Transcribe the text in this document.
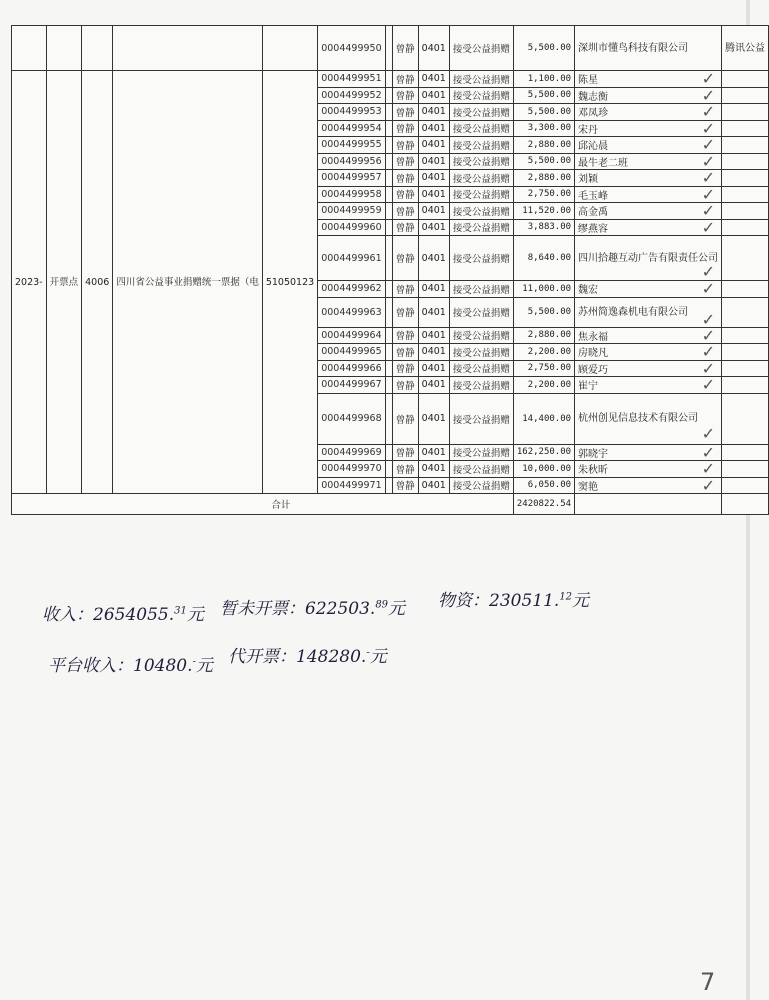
					0004499950		曾静	0401	接受公益捐赠	5,500.00	深圳市懂鸟科技有限公司	腾讯公益
2023-	开票点	4006	四川省公益事业捐赠统一票据（电	51050123	0004499951		曾静	0401	接受公益捐赠	1,100.00	陈星 ✓	

					0004499952		曾静	0401	接受公益捐赠	5,500.00	魏志衡 ✓	

					0004499953		曾静	0401	接受公益捐赠	5,500.00	邓凤珍 ✓	

					0004499954		曾静	0401	接受公益捐赠	3,300.00	宋丹 ✓	

					0004499955		曾静	0401	接受公益捐赠	2,880.00	邱沁晨 ✓	

					0004499956		曾静	0401	接受公益捐赠	5,500.00	最牛老二班 ✓	

					0004499957		曾静	0401	接受公益捐赠	2,880.00	刘颖 ✓	

					0004499958		曾静	0401	接受公益捐赠	2,750.00	毛玉峰 ✓	

					0004499959		曾静	0401	接受公益捐赠	11,520.00	高金禹 ✓	

					0004499960		曾静	0401	接受公益捐赠	3,883.00	缪燕容 ✓	

					0004499961		曾静	0401	接受公益捐赠	8,640.00	四川拾趣互动广告有限责任公司
✓	

					0004499962		曾静	0401	接受公益捐赠	11,000.00	魏宏 ✓	

					0004499963		曾静	0401	接受公益捐赠	5,500.00	苏州简逸森机电有限公司 ✓	

					0004499964		曾静	0401	接受公益捐赠	2,880.00	焦永福 ✓	

					0004499965		曾静	0401	接受公益捐赠	2,200.00	房晓凡 ✓	

					0004499966		曾静	0401	接受公益捐赠	2,750.00	顾爱巧 ✓	

					0004499967		曾静	0401	接受公益捐赠	2,200.00	崔宁 ✓	

					0004499968		曾静	0401	接受公益捐赠	14,400.00	杭州创见信息技术有限公司
✓	

					0004499969		曾静	0401	接受公益捐赠	162,250.00	郭晓宇 ✓	

					0004499970		曾静	0401	接受公益捐赠	10,000.00	朱秋昕 ✓	

					0004499971		曾静	0401	接受公益捐赠	6,050.00	窦艳 ✓	

合计										2420822.54		
收入：2654055.31元 暂未开票：622503.89元 物资：230511.12元
平台收入：10480.-元 代开票：148280.-元
7
